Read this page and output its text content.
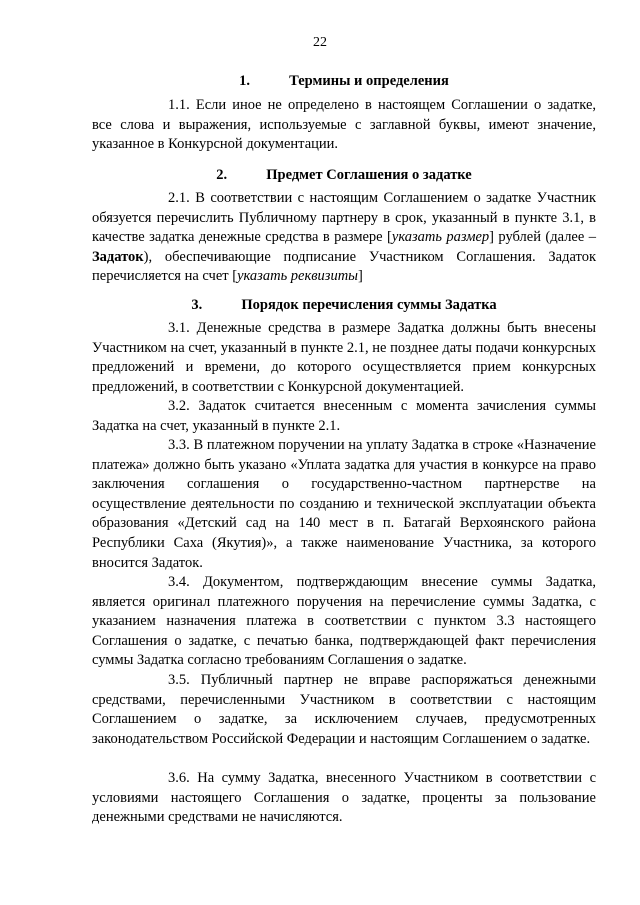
22
1.	Термины и определения

1.1. Если иное не определено в настоящем Соглашении о задатке, все слова и выражения, используемые с заглавной буквы, имеют значение, указанное в Конкурсной документации.

2.	Предмет Соглашения о задатке

2.1. В соответствии с настоящим Соглашением о задатке Участник обязуется перечислить Публичному партнеру в срок, указанный в пункте 3.1, в качестве задатка денежные средства в размере [указать размер] рублей (далее – Задаток), обеспечивающие подписание Участником Соглашения. Задаток перечисляется на счет [указать реквизиты]

3.	Порядок перечисления суммы Задатка

3.1. Денежные средства в размере Задатка должны быть внесены Участником на счет, указанный в пункте 2.1, не позднее даты подачи конкурсных предложений и времени, до которого осуществляется прием конкурсных предложений, в соответствии с Конкурсной документацией.

3.2. Задаток считается внесенным с момента зачисления суммы Задатка на счет, указанный в пункте 2.1.

3.3. В платежном поручении на уплату Задатка в строке «Назначение платежа» должно быть указано «Уплата задатка для участия в конкурсе на право заключения соглашения о государственно-частном партнерстве на осуществление деятельности по созданию и технической эксплуатации объекта образования «Детский сад на 140 мест в п. Батагай Верхоянского района Республики Саха (Якутия)», а также наименование Участника, за которого вносится Задаток.

3.4. Документом, подтверждающим внесение суммы Задатка, является оригинал платежного поручения на перечисление суммы Задатка, с указанием назначения платежа в соответствии с пунктом 3.3 настоящего Соглашения о задатке, с печатью банка, подтверждающей факт перечисления суммы Задатка согласно требованиям Соглашения о задатке.

3.5. Публичный партнер не вправе распоряжаться денежными средствами, перечисленными Участником в соответствии с настоящим Соглашением о задатке, за исключением случаев, предусмотренных законодательством Российской Федерации и настоящим Соглашением о задатке.

3.6. На сумму Задатка, внесенного Участником в соответствии с условиями настоящего Соглашения о задатке, проценты за пользование денежными средствами не начисляются.
